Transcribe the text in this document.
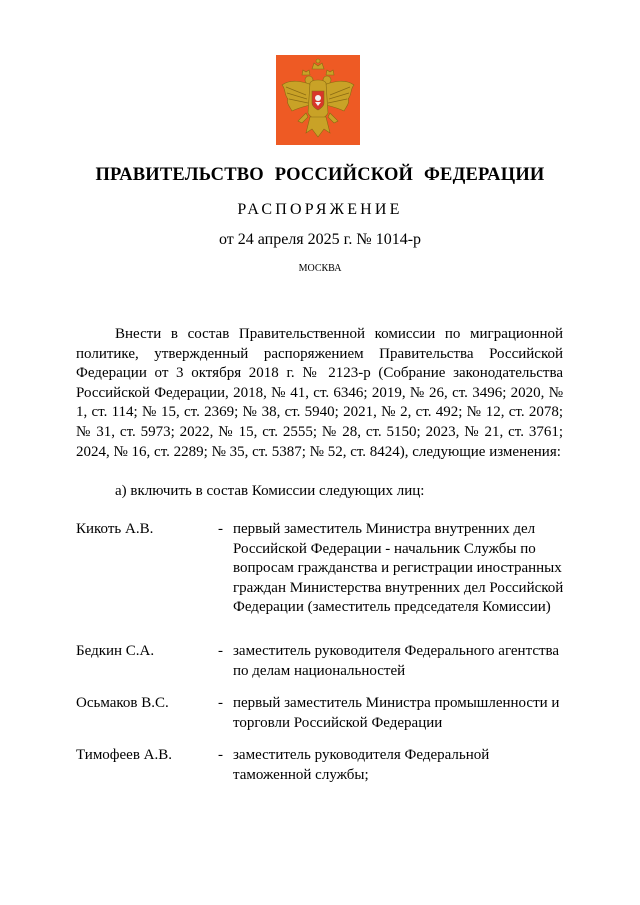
ПРАВИТЕЛЬСТВО РОССИЙСКОЙ ФЕДЕРАЦИИ
РАСПОРЯЖЕНИЕ
от 24 апреля 2025 г. № 1014-р
МОСКВА
Внести в состав Правительственной комиссии по миграционной политике, утвержденный распоряжением Правительства Российской Федерации от 3 октября 2018 г. № 2123-р (Собрание законодательства Российской Федерации, 2018, № 41, ст. 6346; 2019, № 26, ст. 3496; 2020, № 1, ст. 114; № 15, ст. 2369; № 38, ст. 5940; 2021, № 2, ст. 492; № 12, ст. 2078; № 31, ст. 5973; 2022, № 15, ст. 2555; № 28, ст. 5150; 2023, № 21, ст. 3761; 2024, № 16, ст. 2289; № 35, ст. 5387; № 52, ст. 8424), следующие изменения:
а) включить в состав Комиссии следующих лиц:
Кикоть А.В.	- первый заместитель Министра внутренних дел Российской Федерации - начальник Службы по вопросам гражданства и регистрации иностранных граждан Министерства внутренних дел Российской Федерации (заместитель председателя Комиссии)
Бедкин С.А.	- заместитель руководителя Федерального агентства по делам национальностей
Осьмаков В.С.	- первый заместитель Министра промышленности и торговли Российской Федерации
Тимофеев А.В.	- заместитель руководителя Федеральной таможенной службы;
